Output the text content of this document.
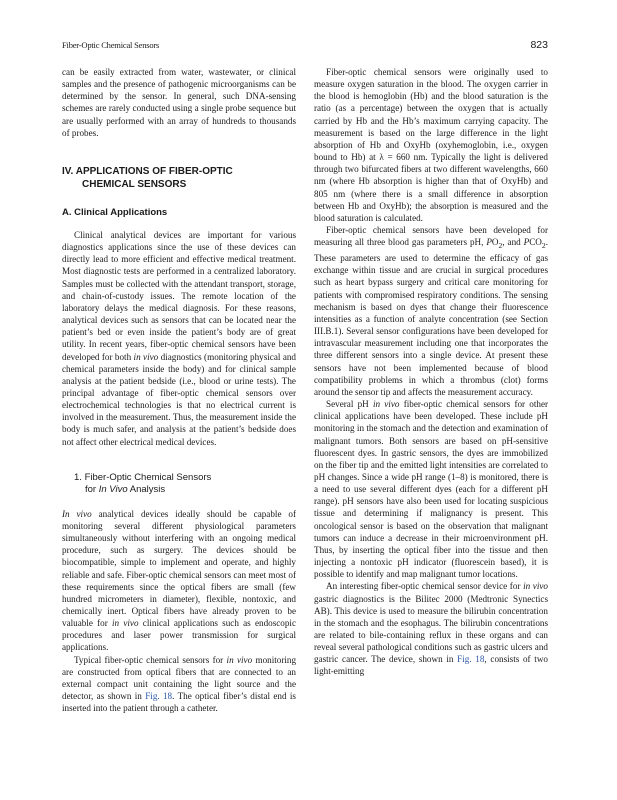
Fiber-Optic Chemical Sensors	823

can be easily extracted from water, wastewater, or clinical samples and the presence of pathogenic microorganisms can be determined by the sensor. In general, such DNA-sensing schemes are rarely conducted using a single probe sequence but are usually performed with an array of hundreds to thousands of probes.

IV. APPLICATIONS OF FIBER-OPTIC
CHEMICAL SENSORS
A. Clinical Applications

Clinical analytical devices are important for various diagnostics applications since the use of these devices can directly lead to more efficient and effective medical treatment. Most diagnostic tests are performed in a centralized laboratory. Samples must be collected with the attendant transport, storage, and chain-of-custody issues. The remote location of the laboratory delays the medical diagnosis. For these reasons, analytical devices such as sensors that can be located near the patient’s bed or even inside the patient’s body are of great utility. In recent years, fiber-optic chemical sensors have been developed for both in vivo diagnostics (monitoring physical and chemical parameters inside the body) and for clinical sample analysis at the patient bedside (i.e., blood or urine tests). The principal advantage of fiber-optic chemical sensors over electrochemical technologies is that no electrical current is involved in the measurement. Thus, the measurement inside the body is much safer, and analysis at the patient’s bedside does not affect other electrical medical devices.

1. Fiber-Optic Chemical Sensors
for In Vivo Analysis

In vivo analytical devices ideally should be capable of monitoring several different physiological parameters simultaneously without interfering with an ongoing medical procedure, such as surgery. The devices should be biocompatible, simple to implement and operate, and highly reliable and safe. Fiber-optic chemical sensors can meet most of these requirements since the optical fibers are small (few hundred micrometers in diameter), flexible, nontoxic, and chemically inert. Optical fibers have already proven to be valuable for in vivo clinical applications such as endoscopic procedures and laser power transmission for surgical applications.

Typical fiber-optic chemical sensors for in vivo monitoring are constructed from optical fibers that are connected to an external compact unit containing the light source and the detector, as shown in Fig. 18. The optical fiber’s distal end is inserted into the patient through a catheter.

Fiber-optic chemical sensors were originally used to measure oxygen saturation in the blood. The oxygen carrier in the blood is hemoglobin (Hb) and the blood saturation is the ratio (as a percentage) between the oxygen that is actually carried by Hb and the Hb’s maximum carrying capacity. The measurement is based on the large difference in the light absorption of Hb and OxyHb (oxyhemoglobin, i.e., oxygen bound to Hb) at λ = 660 nm. Typically the light is delivered through two bifurcated fibers at two different wavelengths, 660 nm (where Hb absorption is higher than that of OxyHb) and 805 nm (where there is a small difference in absorption between Hb and OxyHb); the absorption is measured and the blood saturation is calculated.

Fiber-optic chemical sensors have been developed for measuring all three blood gas parameters pH, $PO_2$, and $PCO_2$. These parameters are used to determine the efficacy of gas exchange within tissue and are crucial in surgical procedures such as heart bypass surgery and critical care monitoring for patients with compromised respiratory conditions. The sensing mechanism is based on dyes that change their fluorescence intensities as a function of analyte concentration (see Section III.B.1). Several sensor configurations have been developed for intravascular measurement including one that incorporates the three different sensors into a single device. At present these sensors have not been implemented because of blood compatibility problems in which a thrombus (clot) forms around the sensor tip and affects the measurement accuracy.

Several pH in vivo fiber-optic chemical sensors for other clinical applications have been developed. These include pH monitoring in the stomach and the detection and examination of malignant tumors. Both sensors are based on pH-sensitive fluorescent dyes. In gastric sensors, the dyes are immobilized on the fiber tip and the emitted light intensities are correlated to pH changes. Since a wide pH range (1–8) is monitored, there is a need to use several different dyes (each for a different pH range). pH sensors have also been used for locating suspicious tissue and determining if malignancy is present. This oncological sensor is based on the observation that malignant tumors can induce a decrease in their microenvironment pH. Thus, by inserting the optical fiber into the tissue and then injecting a nontoxic pH indicator (fluorescein based), it is possible to identify and map malignant tumor locations.

An interesting fiber-optic chemical sensor device for in vivo gastric diagnostics is the Bilitec 2000 (Medtronic Synectics AB). This device is used to measure the bilirubin concentration in the stomach and the esophagus. The bilirubin concentrations are related to bile-containing reflux in these organs and can reveal several pathological conditions such as gastric ulcers and gastric cancer. The device, shown in Fig. 18, consists of two light-emitting
